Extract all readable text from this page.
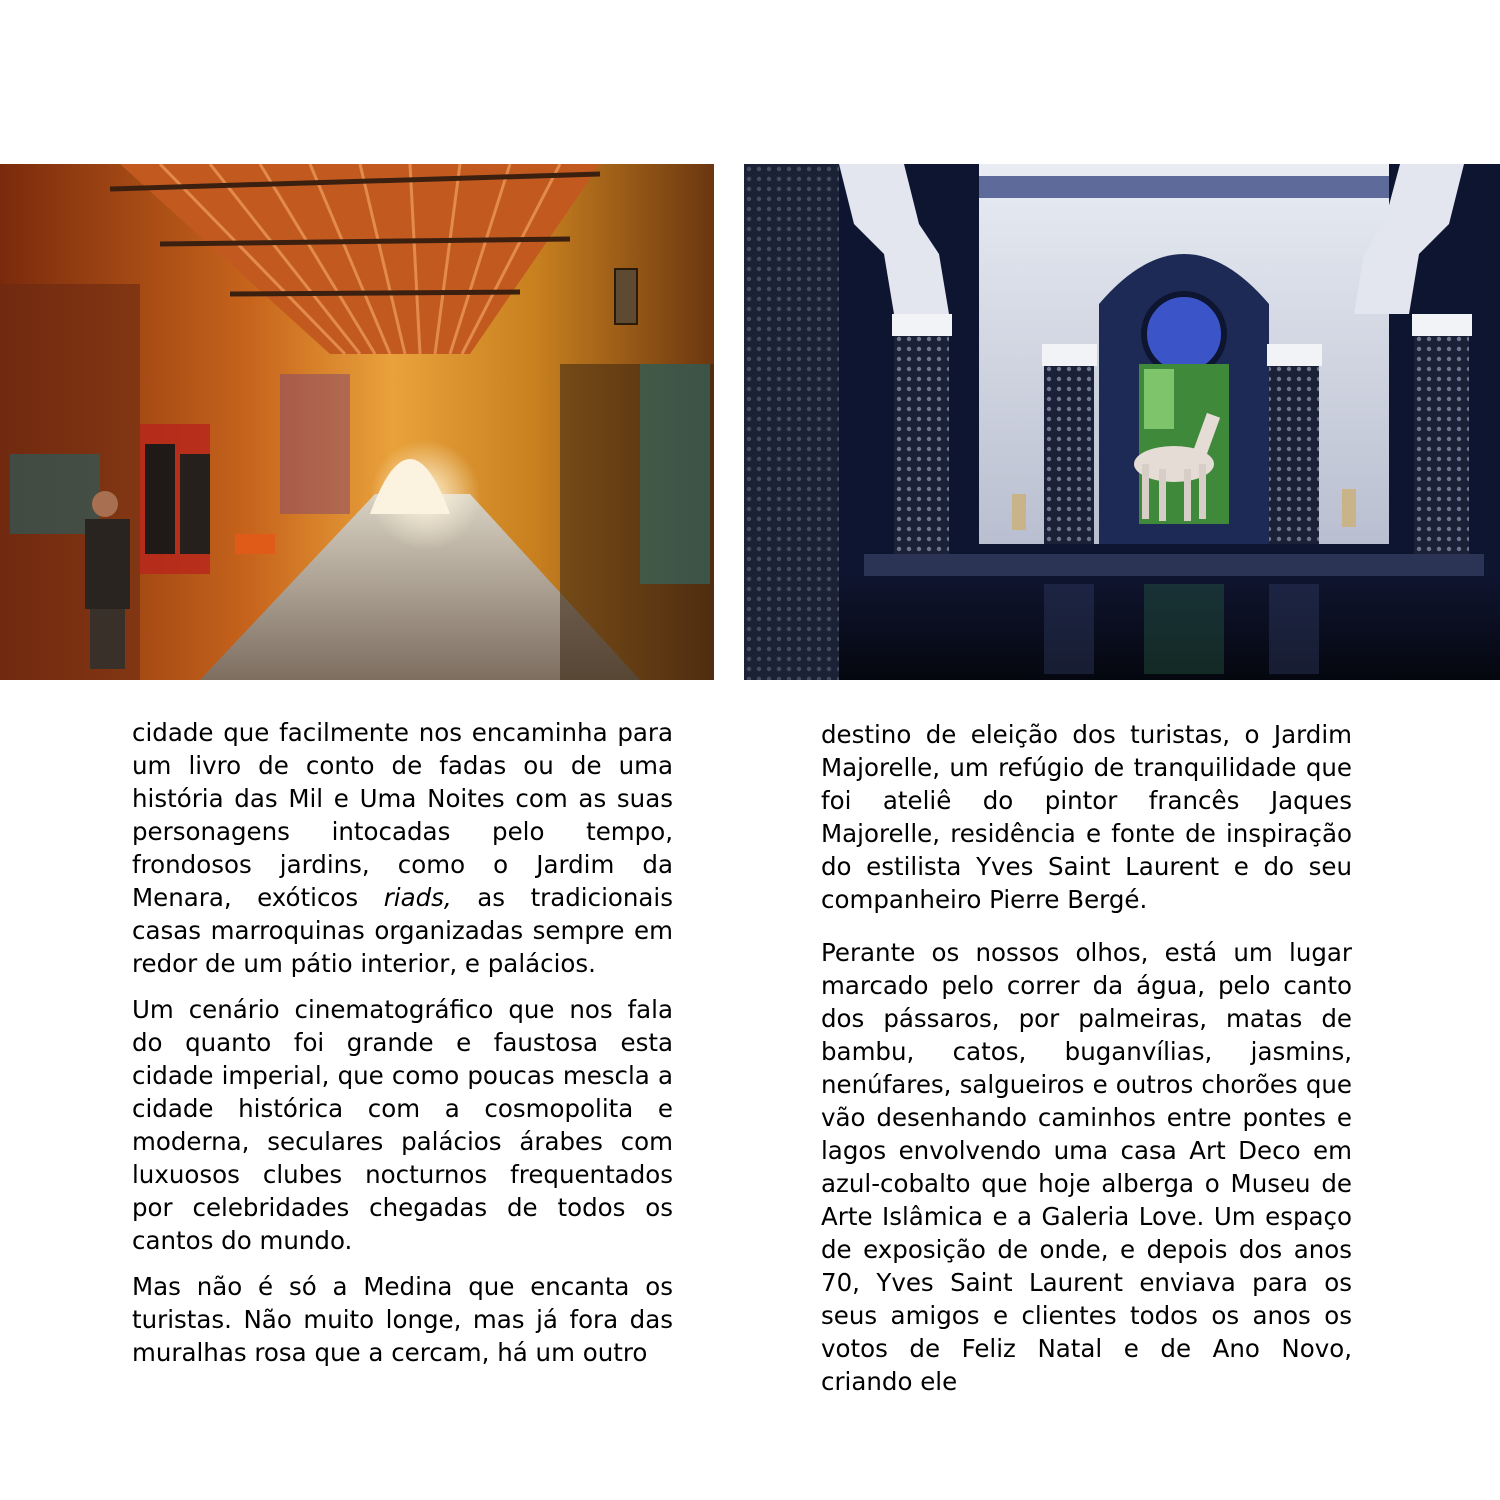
cidade que facilmente nos encaminha para um livro de conto de fadas ou de uma história das Mil e Uma Noites com as suas personagens intocadas pelo tempo, frondosos jardins, como o Jardim da Menara, exóticos riads, as tradicionais casas marroquinas organizadas sempre em redor de um pátio interior, e palácios.

Um cenário cinematográfico que nos fala do quanto foi grande e faustosa esta cidade imperial, que como poucas mescla a cidade histórica com a cosmopolita e moderna, seculares palácios árabes com luxuosos clubes nocturnos frequentados por celebridades chegadas de todos os cantos do mundo.

Mas não é só a Medina que encanta os turistas. Não muito longe, mas já fora das muralhas rosa que a cercam, há um outro

destino de eleição dos turistas, o Jardim Majorelle, um refúgio de tranquilidade que foi ateliê do pintor francês Jaques Majorelle, residência e fonte de inspiração do estilista Yves Saint Laurent e do seu companheiro Pierre Bergé.

Perante os nossos olhos, está um lugar marcado pelo correr da água, pelo canto dos pássaros, por palmeiras, matas de bambu, catos, buganvílias, jasmins, nenúfares, salgueiros e outros chorões que vão desenhando caminhos entre pontes e lagos envolvendo uma casa Art Deco em azul-cobalto que hoje alberga o Museu de Arte Islâmica e a Galeria Love. Um espaço de exposição de onde, e depois dos anos 70, Yves Saint Laurent enviava para os seus amigos e clientes todos os anos os votos de Feliz Natal e de Ano Novo, criando ele
